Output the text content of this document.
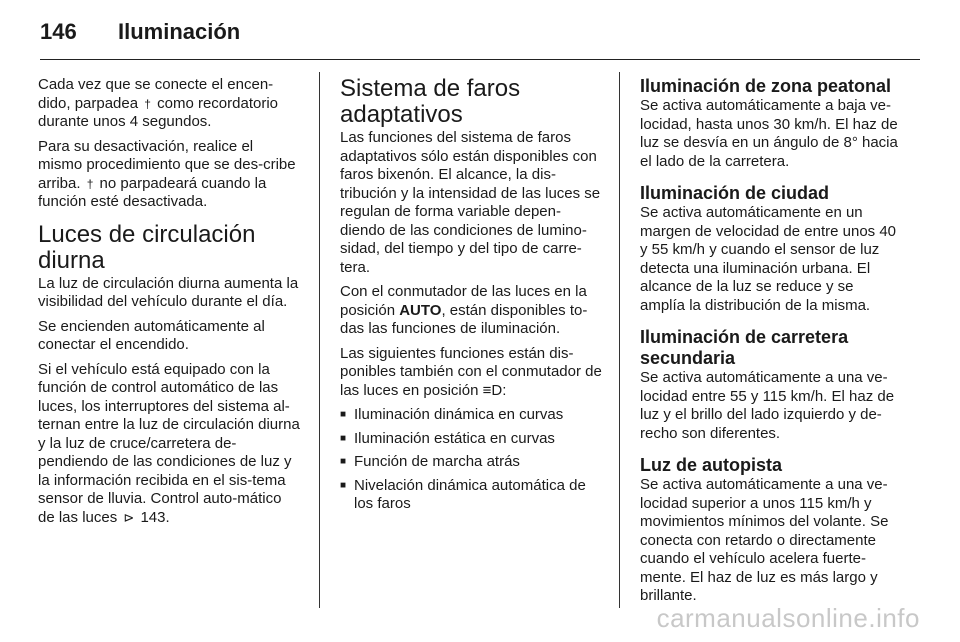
146	Iluminación

Cada vez que se conecte el encen-dido, parpadea † como recordatorio durante unos 4 segundos.

Para su desactivación, realice el mismo procedimiento que se des-cribe arriba. † no parpadeará cuando la función esté desactivada.

Luces de circulación diurna

La luz de circulación diurna aumenta la visibilidad del vehículo durante el día.

Se encienden automáticamente al conectar el encendido.

Si el vehículo está equipado con la función de control automático de las luces, los interruptores del sistema al-ternan entre la luz de circulación diurna y la luz de cruce/carretera de-pendiendo de las condiciones de luz y la información recibida en el sis-tema sensor de lluvia. Control auto-mático de las luces ⊳ 143.

Sistema de faros adaptativos

Las funciones del sistema de faros adaptativos sólo están disponibles con faros bixenón. El alcance, la dis-tribución y la intensidad de las luces se regulan de forma variable depen-diendo de las condiciones de lumino-sidad, del tiempo y del tipo de carre-tera.

Con el conmutador de las luces en la posición AUTO, están disponibles to-das las funciones de iluminación.

Las siguientes funciones están dis-ponibles también con el conmutador de las luces en posición ≡D:

■ Iluminación dinámica en curvas
■ Iluminación estática en curvas
■ Función de marcha atrás
■ Nivelación dinámica automática de los faros
Iluminación de zona peatonal

Se activa automáticamente a baja ve-locidad, hasta unos 30 km/h. El haz de luz se desvía en un ángulo de 8° hacia el lado de la carretera.

Iluminación de ciudad

Se activa automáticamente en un margen de velocidad de entre unos 40 y 55 km/h y cuando el sensor de luz detecta una iluminación urbana. El alcance de la luz se reduce y se amplía la distribución de la misma.

Iluminación de carretera secundaria

Se activa automáticamente a una ve-locidad entre 55 y 115 km/h. El haz de luz y el brillo del lado izquierdo y de-recho son diferentes.

Luz de autopista

Se activa automáticamente a una ve-locidad superior a unos 115 km/h y movimientos mínimos del volante. Se conecta con retardo o directamente cuando el vehículo acelera fuerte-mente. El haz de luz es más largo y brillante.

carmanualsonline.info
